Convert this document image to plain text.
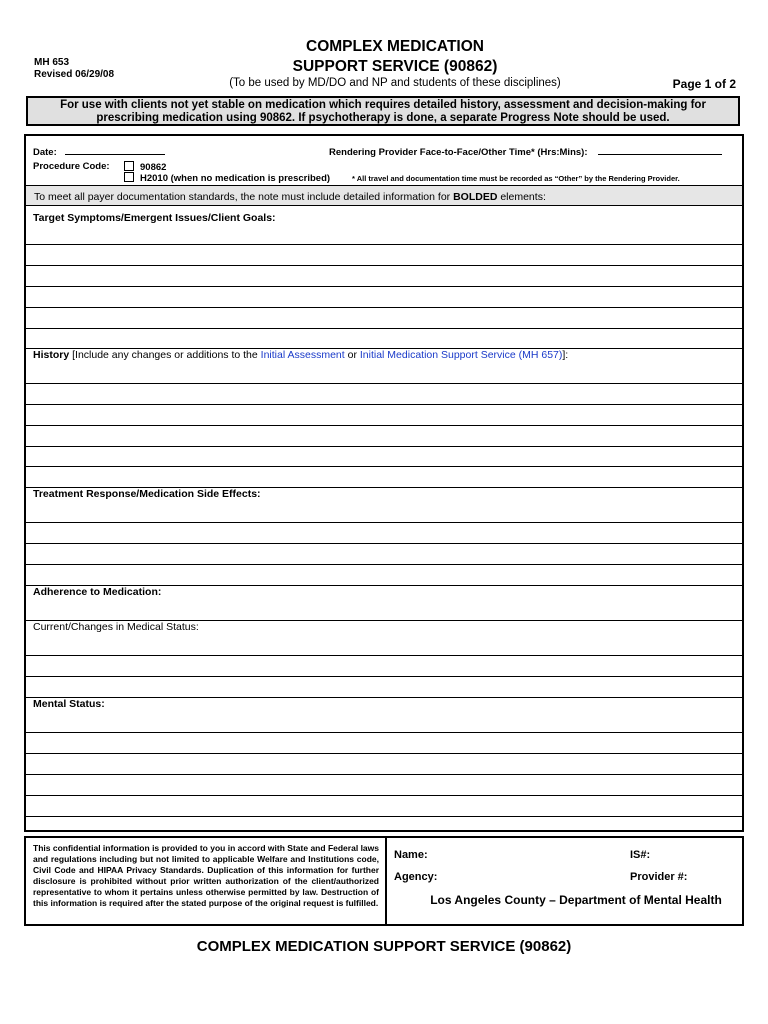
MH 653
Revised 06/29/08
COMPLEX MEDICATION
SUPPORT SERVICE (90862)
(To be used by MD/DO and NP and students of these disciplines)	Page 1 of 2
For use with clients not yet stable on medication which requires detailed history, assessment and decision-making for
prescribing medication using 90862. If psychotherapy is done, a separate Progress Note should be used.
Date:	Rendering Provider Face-to-Face/Other Time* (Hrs:Mins):
Procedure Code:	90862
H2010 (when no medication is prescribed)	* All travel and documentation time must be recorded as “Other” by the Rendering Provider.
To meet all payer documentation standards, the note must include detailed information for BOLDED elements:
Target Symptoms/Emergent Issues/Client Goals:
History [Include any changes or additions to the Initial Assessment or Initial Medication Support Service (MH 657)]:
Treatment Response/Medication Side Effects:
Adherence to Medication:
Current/Changes in Medical Status:
Mental Status:
This confidential information is provided to you in accord with State and Federal laws and regulations including but not limited to applicable Welfare and Institutions code, Civil Code and HIPAA Privacy Standards. Duplication of this information for further disclosure is prohibited without prior written authorization of the client/authorized representative to whom it pertains unless otherwise permitted by law. Destruction of this information is required after the stated purpose of the original request is fulfilled.
Name:	IS#:
Agency:	Provider #:
Los Angeles County – Department of Mental Health
COMPLEX MEDICATION SUPPORT SERVICE (90862)
